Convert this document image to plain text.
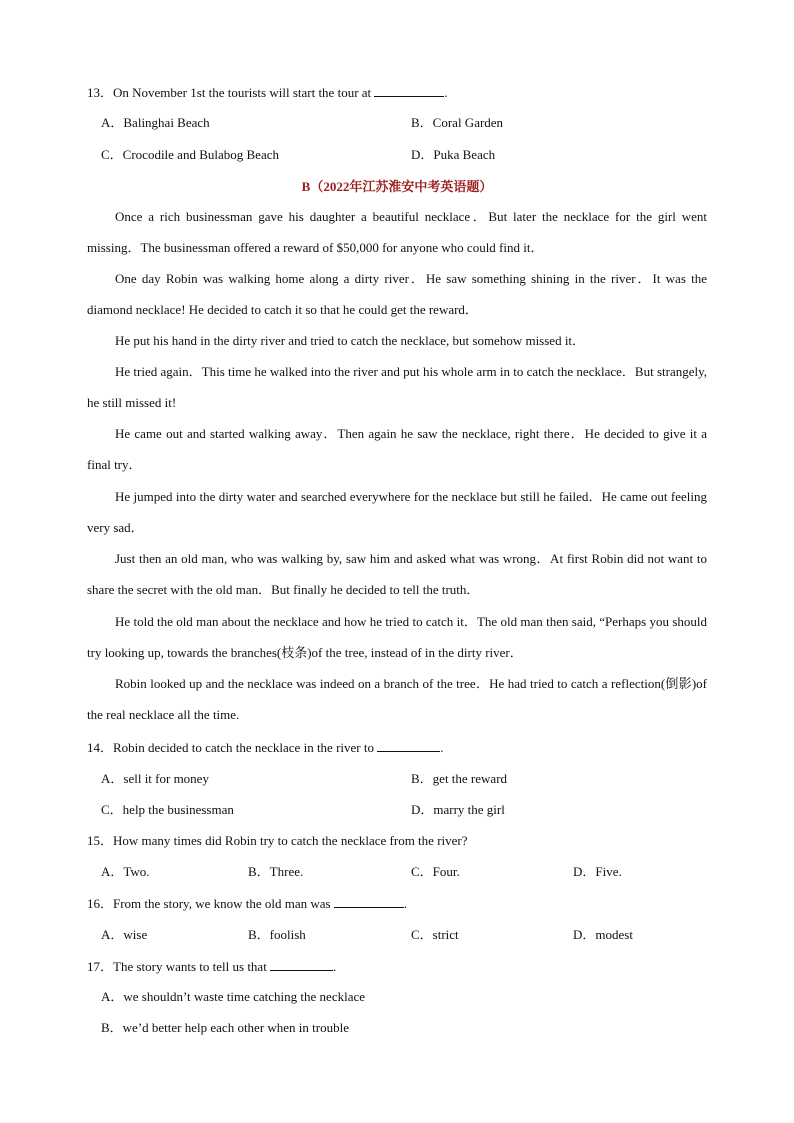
13．On November 1st the tourists will start the tour at	.
A．Balinghai Beach	B．Coral Garden
C．Crocodile and Bulabog Beach	D．Puka Beach
B（2022年江苏淮安中考英语题）
Once a rich businessman gave his daughter a beautiful necklace．But later the necklace for the girl went missing．The businessman offered a reward of $50,000 for anyone who could find it．
One day Robin was walking home along a dirty river．He saw something shining in the river．It was the diamond necklace! He decided to catch it so that he could get the reward．
He put his hand in the dirty river and tried to catch the necklace, but somehow missed it．
He tried again．This time he walked into the river and put his whole arm in to catch the necklace．But strangely, he still missed it!
He came out and started walking away．Then again he saw the necklace, right there．He decided to give it a final try．
He jumped into the dirty water and searched everywhere for the necklace but still he failed．He came out feeling very sad．
Just then an old man, who was walking by, saw him and asked what was wrong．At first Robin did not want to share the secret with the old man．But finally he decided to tell the truth．
He told the old man about the necklace and how he tried to catch it．The old man then said, “Perhaps you should try looking up, towards the branches(枝条)of the tree, instead of in the dirty river．
Robin looked up and the necklace was indeed on a branch of the tree．He had tried to catch a reflection(倒影)of the real necklace all the time.
14．Robin decided to catch the necklace in the river to	.
A．sell it for money	B．get the reward
C．help the businessman	D．marry the girl
15．How many times did Robin try to catch the necklace from the river?
A．Two.	B．Three.	C．Four.	D．Five.
16．From the story, we know the old man was	.
A．wise	B．foolish	C．strict	D．modest
17．The story wants to tell us that	.
A．we shouldn’t waste time catching the necklace
B．we’d better help each other when in trouble
